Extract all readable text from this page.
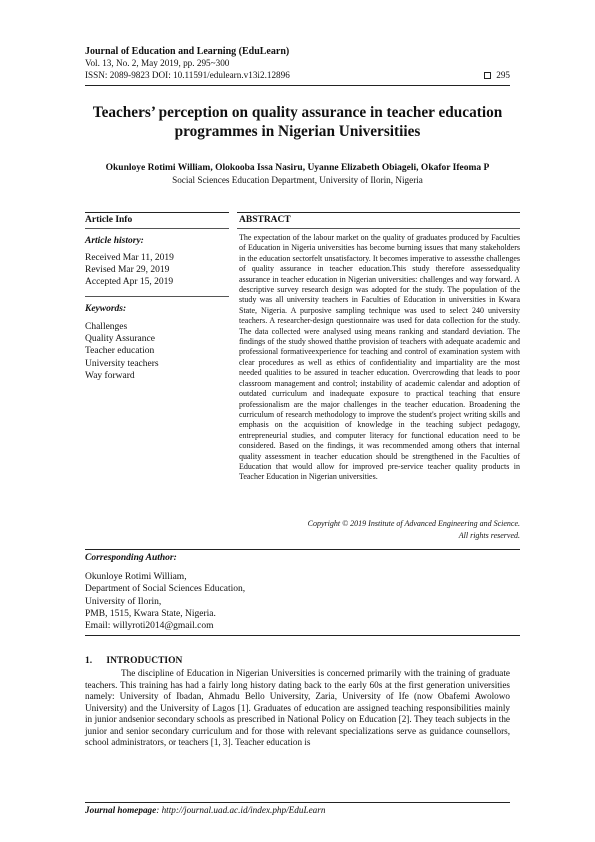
Journal of Education and Learning (EduLearn)
Vol. 13, No. 2, May 2019, pp. 295~300
ISSN: 2089-9823 DOI: 10.11591/edulearn.v13i2.12896	295
Teachers’ perception on quality assurance in teacher education
programmes in Nigerian Universitiies
Okunloye Rotimi William, Olokooba Issa Nasiru, Uyanne Elizabeth Obiageli, Okafor Ifeoma P
Social Sciences Education Department, University of Ilorin, Nigeria
Article Info
Article history:
Received Mar 11, 2019
Revised Mar 29, 2019
Accepted Apr 15, 2019
Keywords:
Challenges
Quality Assurance
Teacher education
University teachers
Way forward
ABSTRACT
The expectation of the labour market on the quality of graduates produced by Faculties of Education in Nigeria universities has become burning issues that many stakeholders in the education sectorfelt unsatisfactory. It becomes imperative to assessthe challenges of quality assurance in teacher education.This study therefore assessedquality assurance in teacher education in Nigerian universities: challenges and way forward. A descriptive survey research design was adopted for the study. The population of the study was all university teachers in Faculties of Education in universities in Kwara State, Nigeria. A purposive sampling technique was used to select 240 university teachers. A researcher-design questionnaire was used for data collection for the study. The data collected were analysed using means ranking and standard deviation. The findings of the study showed thatthe provision of teachers with adequate academic and professional formativeexperience for teaching and control of examination system with clear procedures as well as ethics of confidentiality and impartiality are the most needed qualities to be assured in teacher education. Overcrowding that leads to poor classroom management and control; instability of academic calendar and adoption of outdated curriculum and inadequate exposure to practical teaching that ensure professionalism are the major challenges in the teacher education. Broadening the curriculum of research methodology to improve the student's project writing skills and emphasis on the acquisition of knowledge in the teaching subject pedagogy, entrepreneurial studies, and computer literacy for functional education need to be considered. Based on the findings, it was recommended among others that internal quality assessment in teacher education should be strengthened in the Faculties of Education that would allow for improved pre-service teacher quality products in Teacher Education in Nigerian universities.
Copyright © 2019 Institute of Advanced Engineering and Science.
All rights reserved.
Corresponding Author:
Okunloye Rotimi William,
Department of Social Sciences Education,
University of Ilorin,
PMB, 1515, Kwara State, Nigeria.
Email: willyroti2014@gmail.com
1.      INTRODUCTION
The discipline of Education in Nigerian Universities is concerned primarily with the training of graduate teachers. This training has had a fairly long history dating back to the early 60s at the first generation universities namely: University of Ibadan, Ahmadu Bello University, Zaria, University of Ife (now Obafemi Awolowo University) and the University of Lagos [1]. Graduates of education are assigned teaching responsibilities mainly in junior andsenior secondary schools as prescribed in National Policy on Education [2]. They teach subjects in the junior and senior secondary curriculum and for those with relevant specializations serve as guidance counsellors, school administrators, or teachers [1, 3]. Teacher education is
Journal homepage: http://journal.uad.ac.id/index.php/EduLearn
